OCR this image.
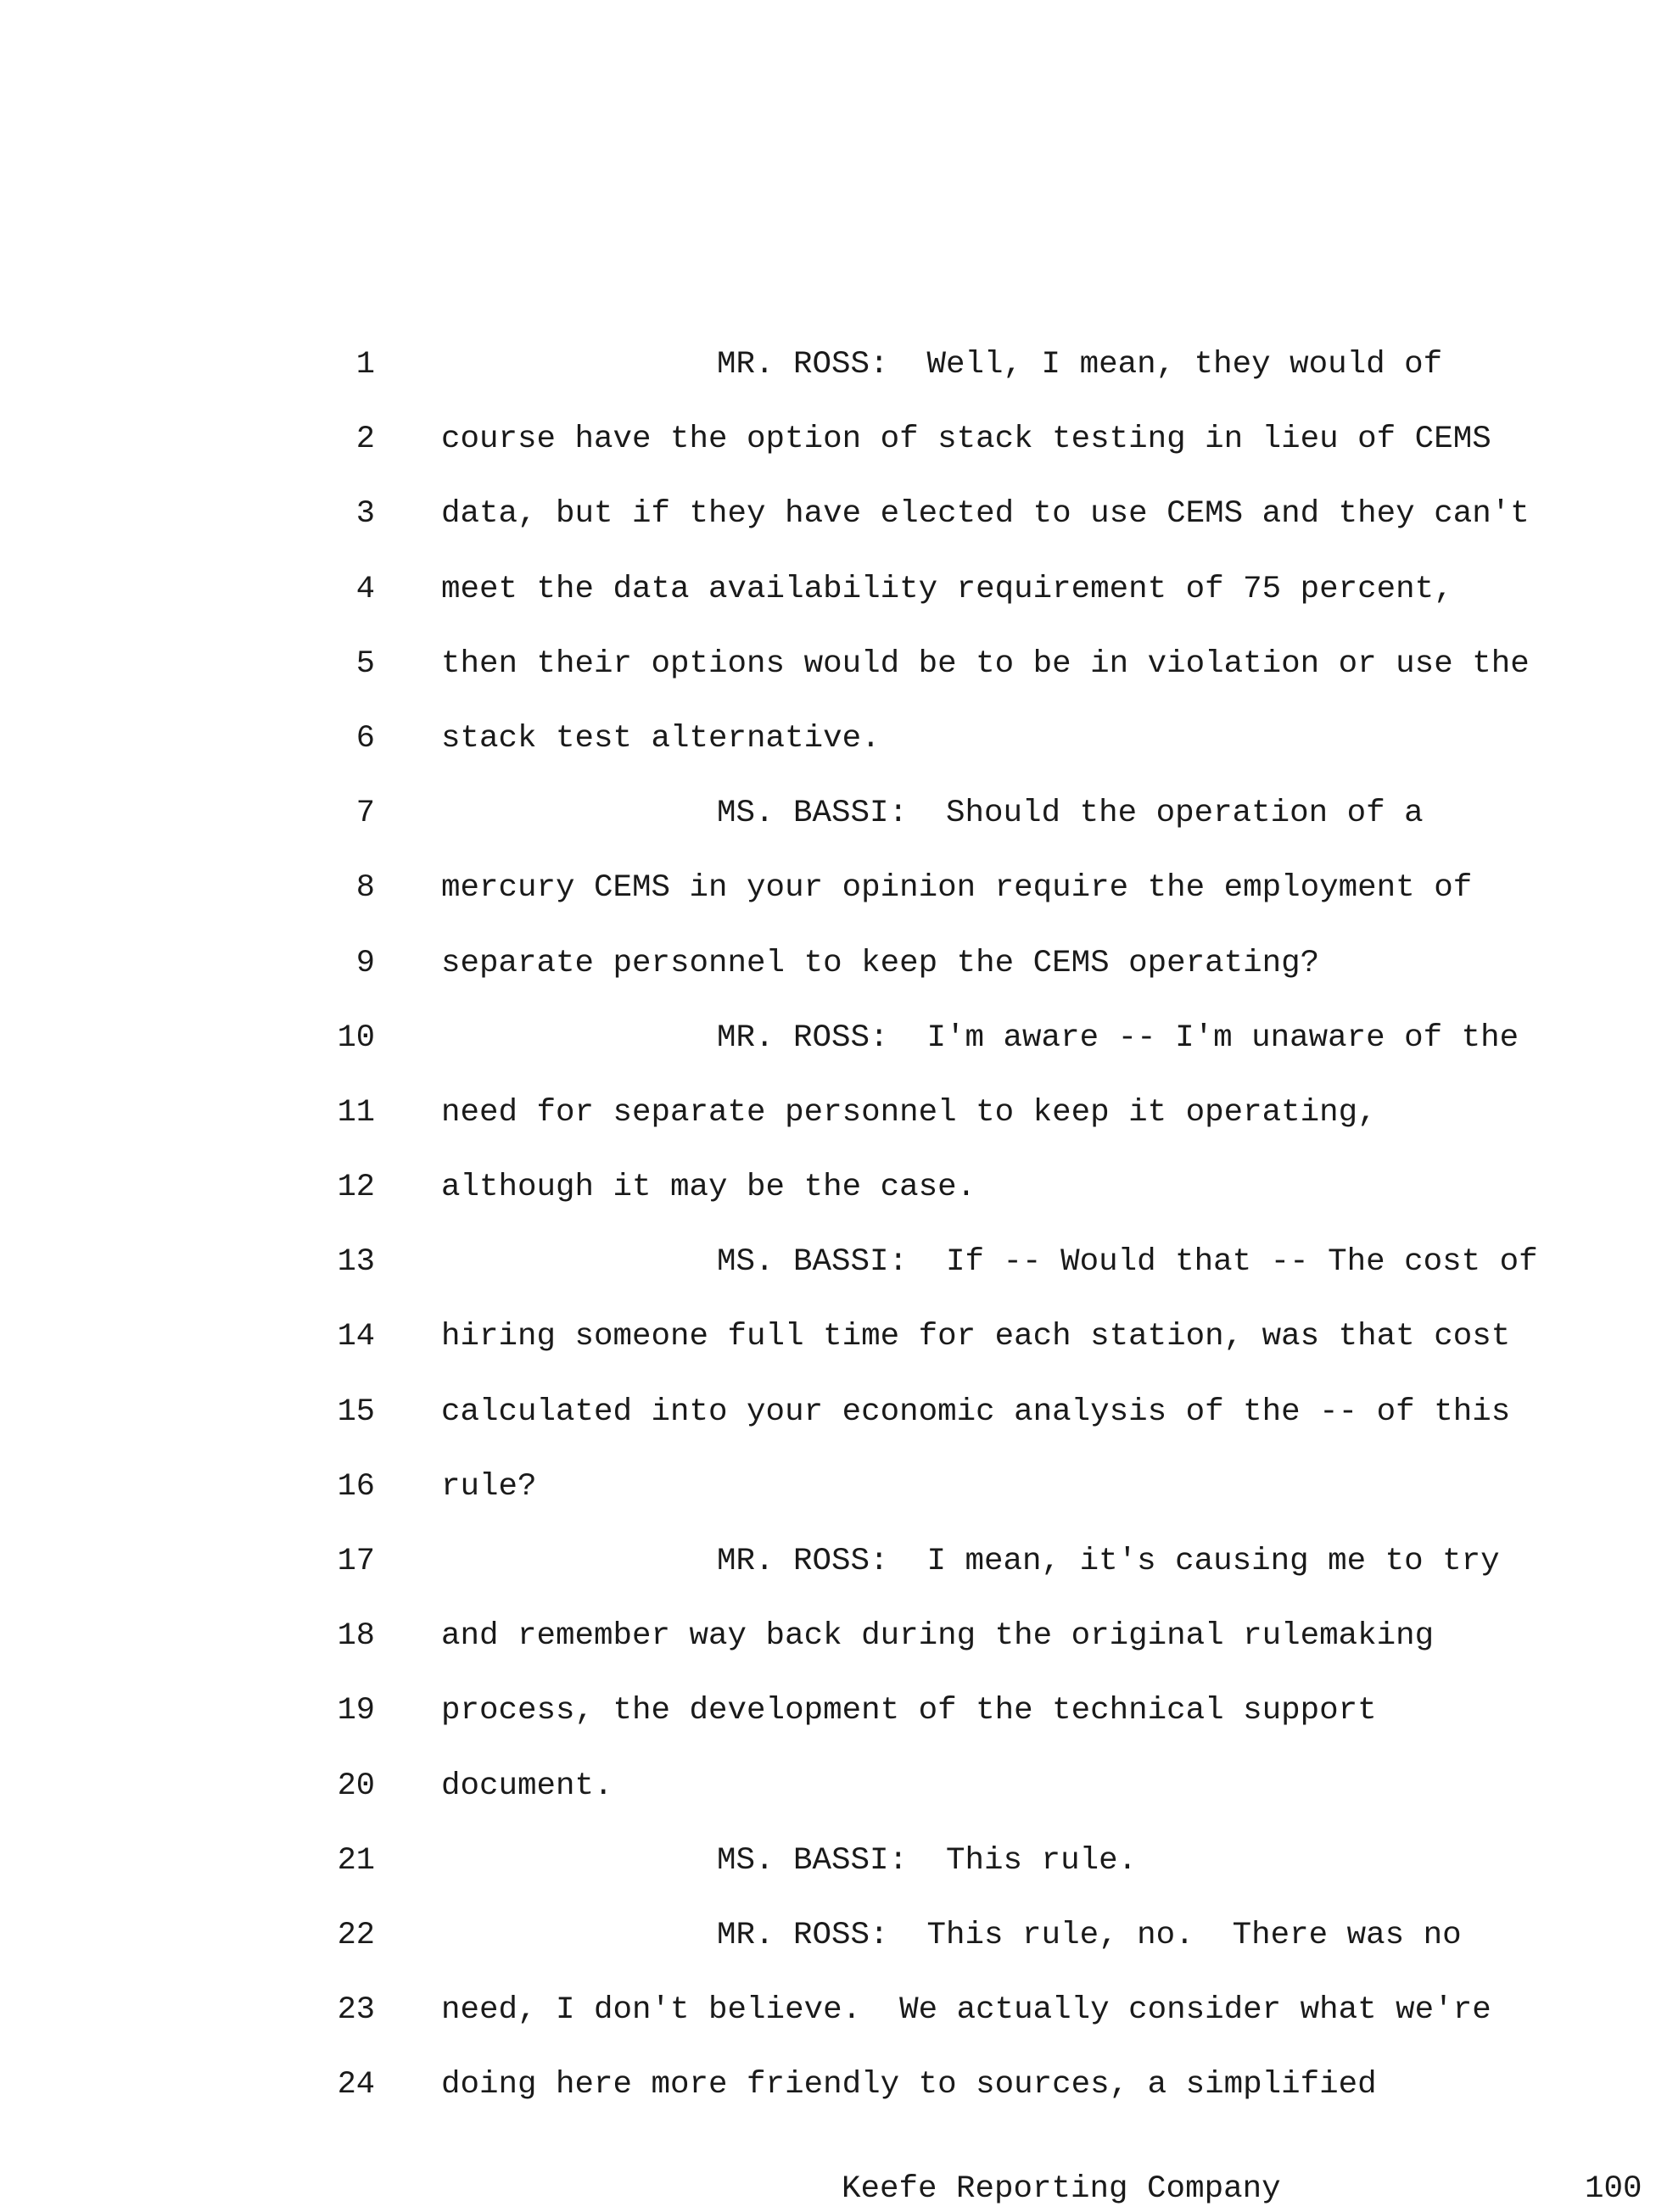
1	MR. ROSS:  Well, I mean, they would of
2 course have the option of stack testing in lieu of CEMS
3 data, but if they have elected to use CEMS and they can't
4 meet the data availability requirement of 75 percent,
5 then their options would be to be in violation or use the
6 stack test alternative.
7	MS. BASSI:  Should the operation of a
8 mercury CEMS in your opinion require the employment of
9 separate personnel to keep the CEMS operating?
10	MR. ROSS:  I'm aware -- I'm unaware of the
11 need for separate personnel to keep it operating,
12 although it may be the case.
13	MS. BASSI:  If -- Would that -- The cost of
14 hiring someone full time for each station, was that cost
15 calculated into your economic analysis of the -- of this
16 rule?
17	MR. ROSS:  I mean, it's causing me to try
18 and remember way back during the original rulemaking
19 process, the development of the technical support
20 document.
21	MS. BASSI:  This rule.
22	MR. ROSS:  This rule, no.  There was no
23 need, I don't believe.  We actually consider what we're
24 doing here more friendly to sources, a simplified
Keefe Reporting Company	100
